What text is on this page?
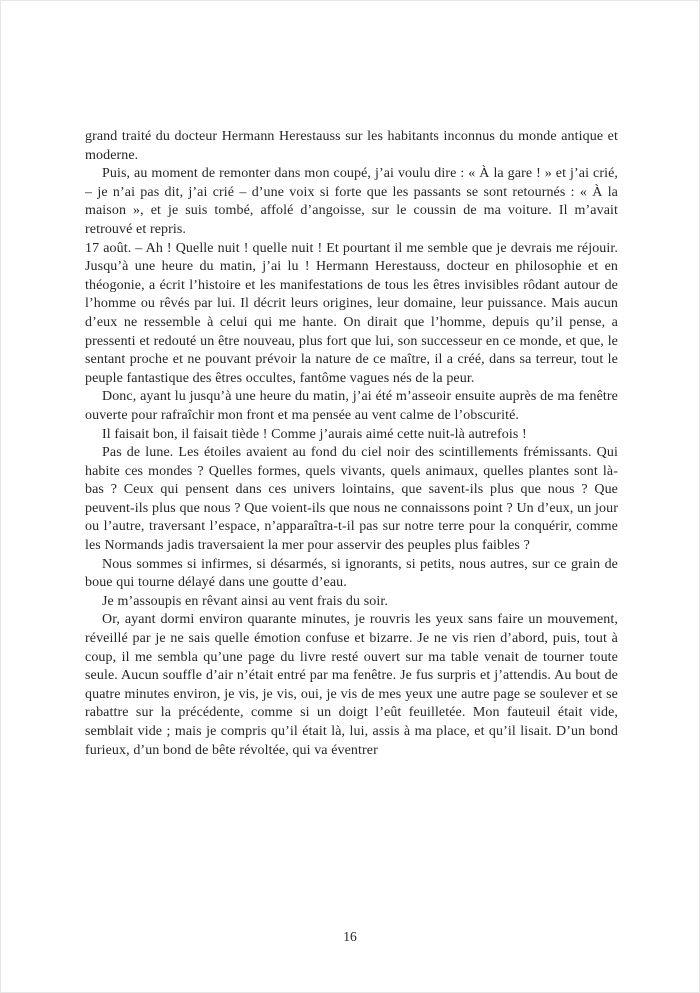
grand traité du docteur Hermann Herestauss sur les habitants inconnus du monde antique et moderne.

Puis, au moment de remonter dans mon coupé, j’ai voulu dire : « À la gare ! » et j’ai crié, – je n’ai pas dit, j’ai crié – d’une voix si forte que les passants se sont retournés : « À la maison », et je suis tombé, affolé d’angoisse, sur le coussin de ma voiture. Il m’avait retrouvé et repris.

17 août. – Ah ! Quelle nuit ! quelle nuit ! Et pourtant il me semble que je devrais me réjouir. Jusqu’à une heure du matin, j’ai lu ! Hermann Herestauss, docteur en philosophie et en théogonie, a écrit l’histoire et les manifestations de tous les êtres invisibles rôdant autour de l’homme ou rêvés par lui. Il décrit leurs origines, leur domaine, leur puissance. Mais aucun d’eux ne ressemble à celui qui me hante. On dirait que l’homme, depuis qu’il pense, a pressenti et redouté un être nouveau, plus fort que lui, son successeur en ce monde, et que, le sentant proche et ne pouvant prévoir la nature de ce maître, il a créé, dans sa terreur, tout le peuple fantastique des êtres occultes, fantôme vagues nés de la peur.

Donc, ayant lu jusqu’à une heure du matin, j’ai été m’asseoir ensuite auprès de ma fenêtre ouverte pour rafraîchir mon front et ma pensée au vent calme de l’obscurité.

Il faisait bon, il faisait tiède ! Comme j’aurais aimé cette nuit-là autrefois !

Pas de lune. Les étoiles avaient au fond du ciel noir des scintillements frémissants. Qui habite ces mondes ? Quelles formes, quels vivants, quels animaux, quelles plantes sont là-bas ? Ceux qui pensent dans ces univers lointains, que savent-ils plus que nous ? Que peuvent-ils plus que nous ? Que voient-ils que nous ne connaissons point ? Un d’eux, un jour ou l’autre, traversant l’espace, n’apparaîtra-t-il pas sur notre terre pour la conquérir, comme les Normands jadis traversaient la mer pour asservir des peuples plus faibles ?

Nous sommes si infirmes, si désarmés, si ignorants, si petits, nous autres, sur ce grain de boue qui tourne délayé dans une goutte d’eau.

Je m’assoupis en rêvant ainsi au vent frais du soir.

Or, ayant dormi environ quarante minutes, je rouvris les yeux sans faire un mouvement, réveillé par je ne sais quelle émotion confuse et bizarre. Je ne vis rien d’abord, puis, tout à coup, il me sembla qu’une page du livre resté ouvert sur ma table venait de tourner toute seule. Aucun souffle d’air n’était entré par ma fenêtre. Je fus surpris et j’attendis. Au bout de quatre minutes environ, je vis, je vis, oui, je vis de mes yeux une autre page se soulever et se rabattre sur la précédente, comme si un doigt l’eût feuilletée. Mon fauteuil était vide, semblait vide ; mais je compris qu’il était là, lui, assis à ma place, et qu’il lisait. D’un bond furieux, d’un bond de bête révoltée, qui va éventrer

16
